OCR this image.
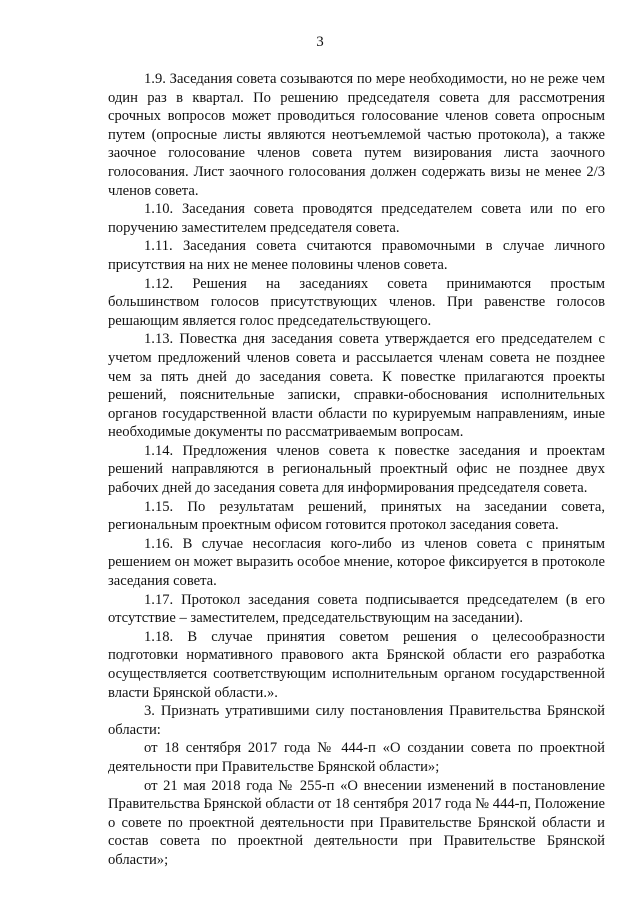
3

1.9. Заседания совета созываются по мере необходимости, но не реже чем один раз в квартал. По решению председателя совета для рассмотрения срочных вопросов может проводиться голосование членов совета опросным путем (опросные листы являются неотъемлемой частью протокола), а также заочное голосование членов совета путем визирования листа заочного голосования. Лист заочного голосования должен содержать визы не менее 2/3 членов совета.

1.10. Заседания совета проводятся председателем совета или по его поручению заместителем председателя совета.

1.11. Заседания совета считаются правомочными в случае личного присутствия на них не менее половины членов совета.

1.12. Решения на заседаниях совета принимаются простым большинством голосов присутствующих членов. При равенстве голосов решающим является голос председательствующего.

1.13. Повестка дня заседания совета утверждается его председателем с учетом предложений членов совета и рассылается членам совета не позднее чем за пять дней до заседания совета. К повестке прилагаются проекты решений, пояснительные записки, справки-обоснования исполнительных органов государственной власти области по курируемым направлениям, иные необходимые документы по рассматриваемым вопросам.

1.14. Предложения членов совета к повестке заседания и проектам решений направляются в региональный проектный офис не позднее двух рабочих дней до заседания совета для информирования председателя совета.

1.15. По результатам решений, принятых на заседании совета, региональным проектным офисом готовится протокол заседания совета.

1.16. В случае несогласия кого-либо из членов совета с принятым решением он может выразить особое мнение, которое фиксируется в протоколе заседания совета.

1.17. Протокол заседания совета подписывается председателем (в его отсутствие – заместителем, председательствующим на заседании).

1.18. В случае принятия советом решения о целесообразности подготовки нормативного правового акта Брянской области его разработка осуществляется соответствующим исполнительным органом государственной власти Брянской области.».

3. Признать утратившими силу постановления Правительства Брянской области:

от 18 сентября 2017 года № 444-п «О создании совета по проектной деятельности при Правительстве Брянской области»;

от 21 мая 2018 года № 255-п «О внесении изменений в постановление Правительства Брянской области от 18 сентября 2017 года № 444-п, Положение о совете по проектной деятельности при Правительстве Брянской области и состав совета по проектной деятельности при Правительстве Брянской области»;
